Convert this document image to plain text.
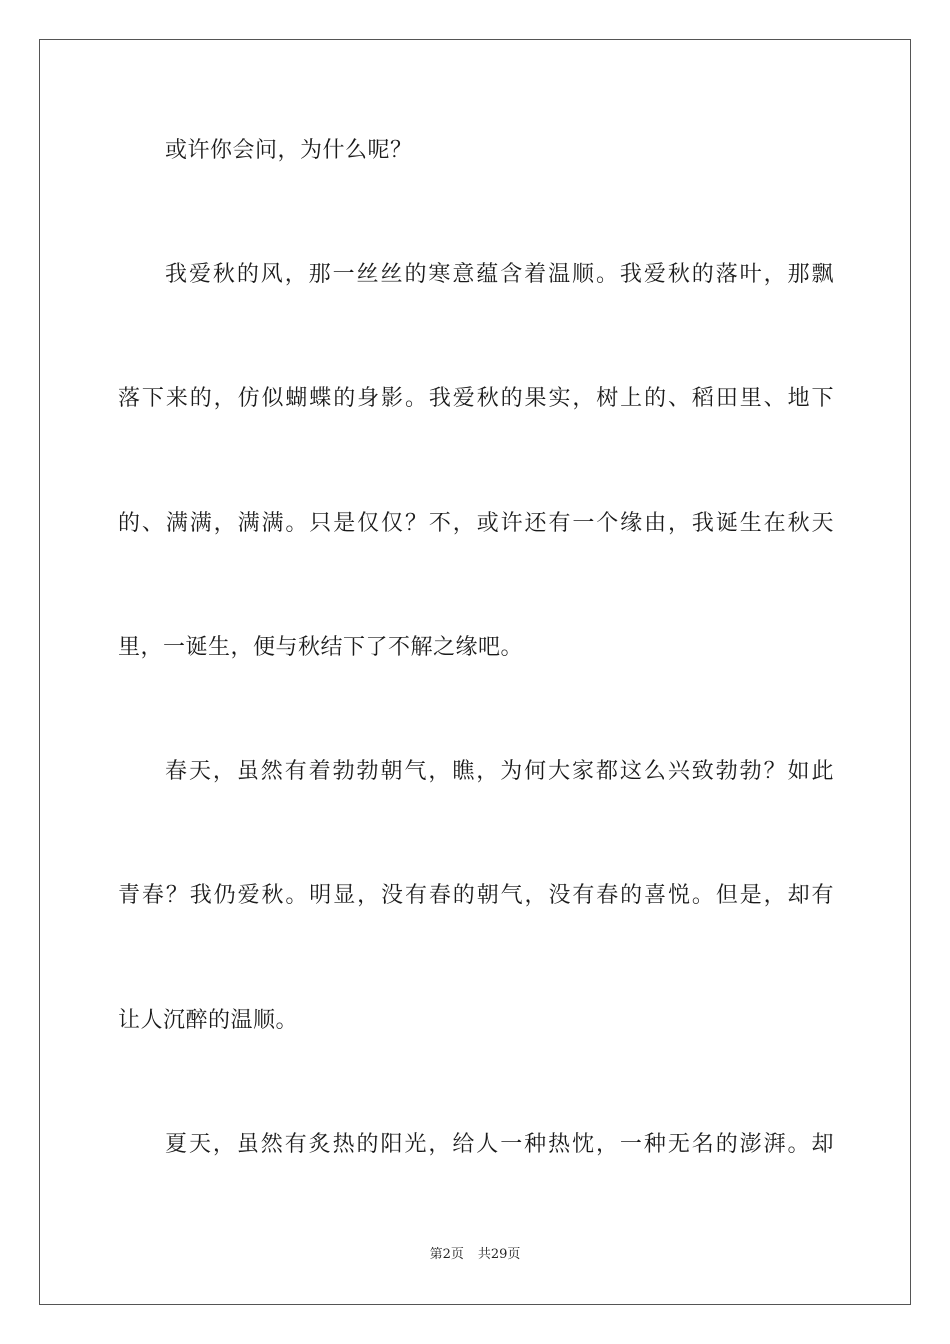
或许你会问，为什么呢？
我爱秋的风，那一丝丝的寒意蕴含着温顺。我爱秋的落叶，那飘
落下来的，仿似蝴蝶的身影。我爱秋的果实，树上的、稻田里、地下
的、满满，满满。只是仅仅？不，或许还有一个缘由，我诞生在秋天
里，一诞生，便与秋结下了不解之缘吧。
春天，虽然有着勃勃朝气，瞧，为何大家都这么兴致勃勃？如此
青春？我仍爱秋。明显，没有春的朝气，没有春的喜悦。但是，却有
让人沉醉的温顺。
夏天，虽然有炙热的阳光，给人一种热忱，一种无名的澎湃。却
第2页 共29页
